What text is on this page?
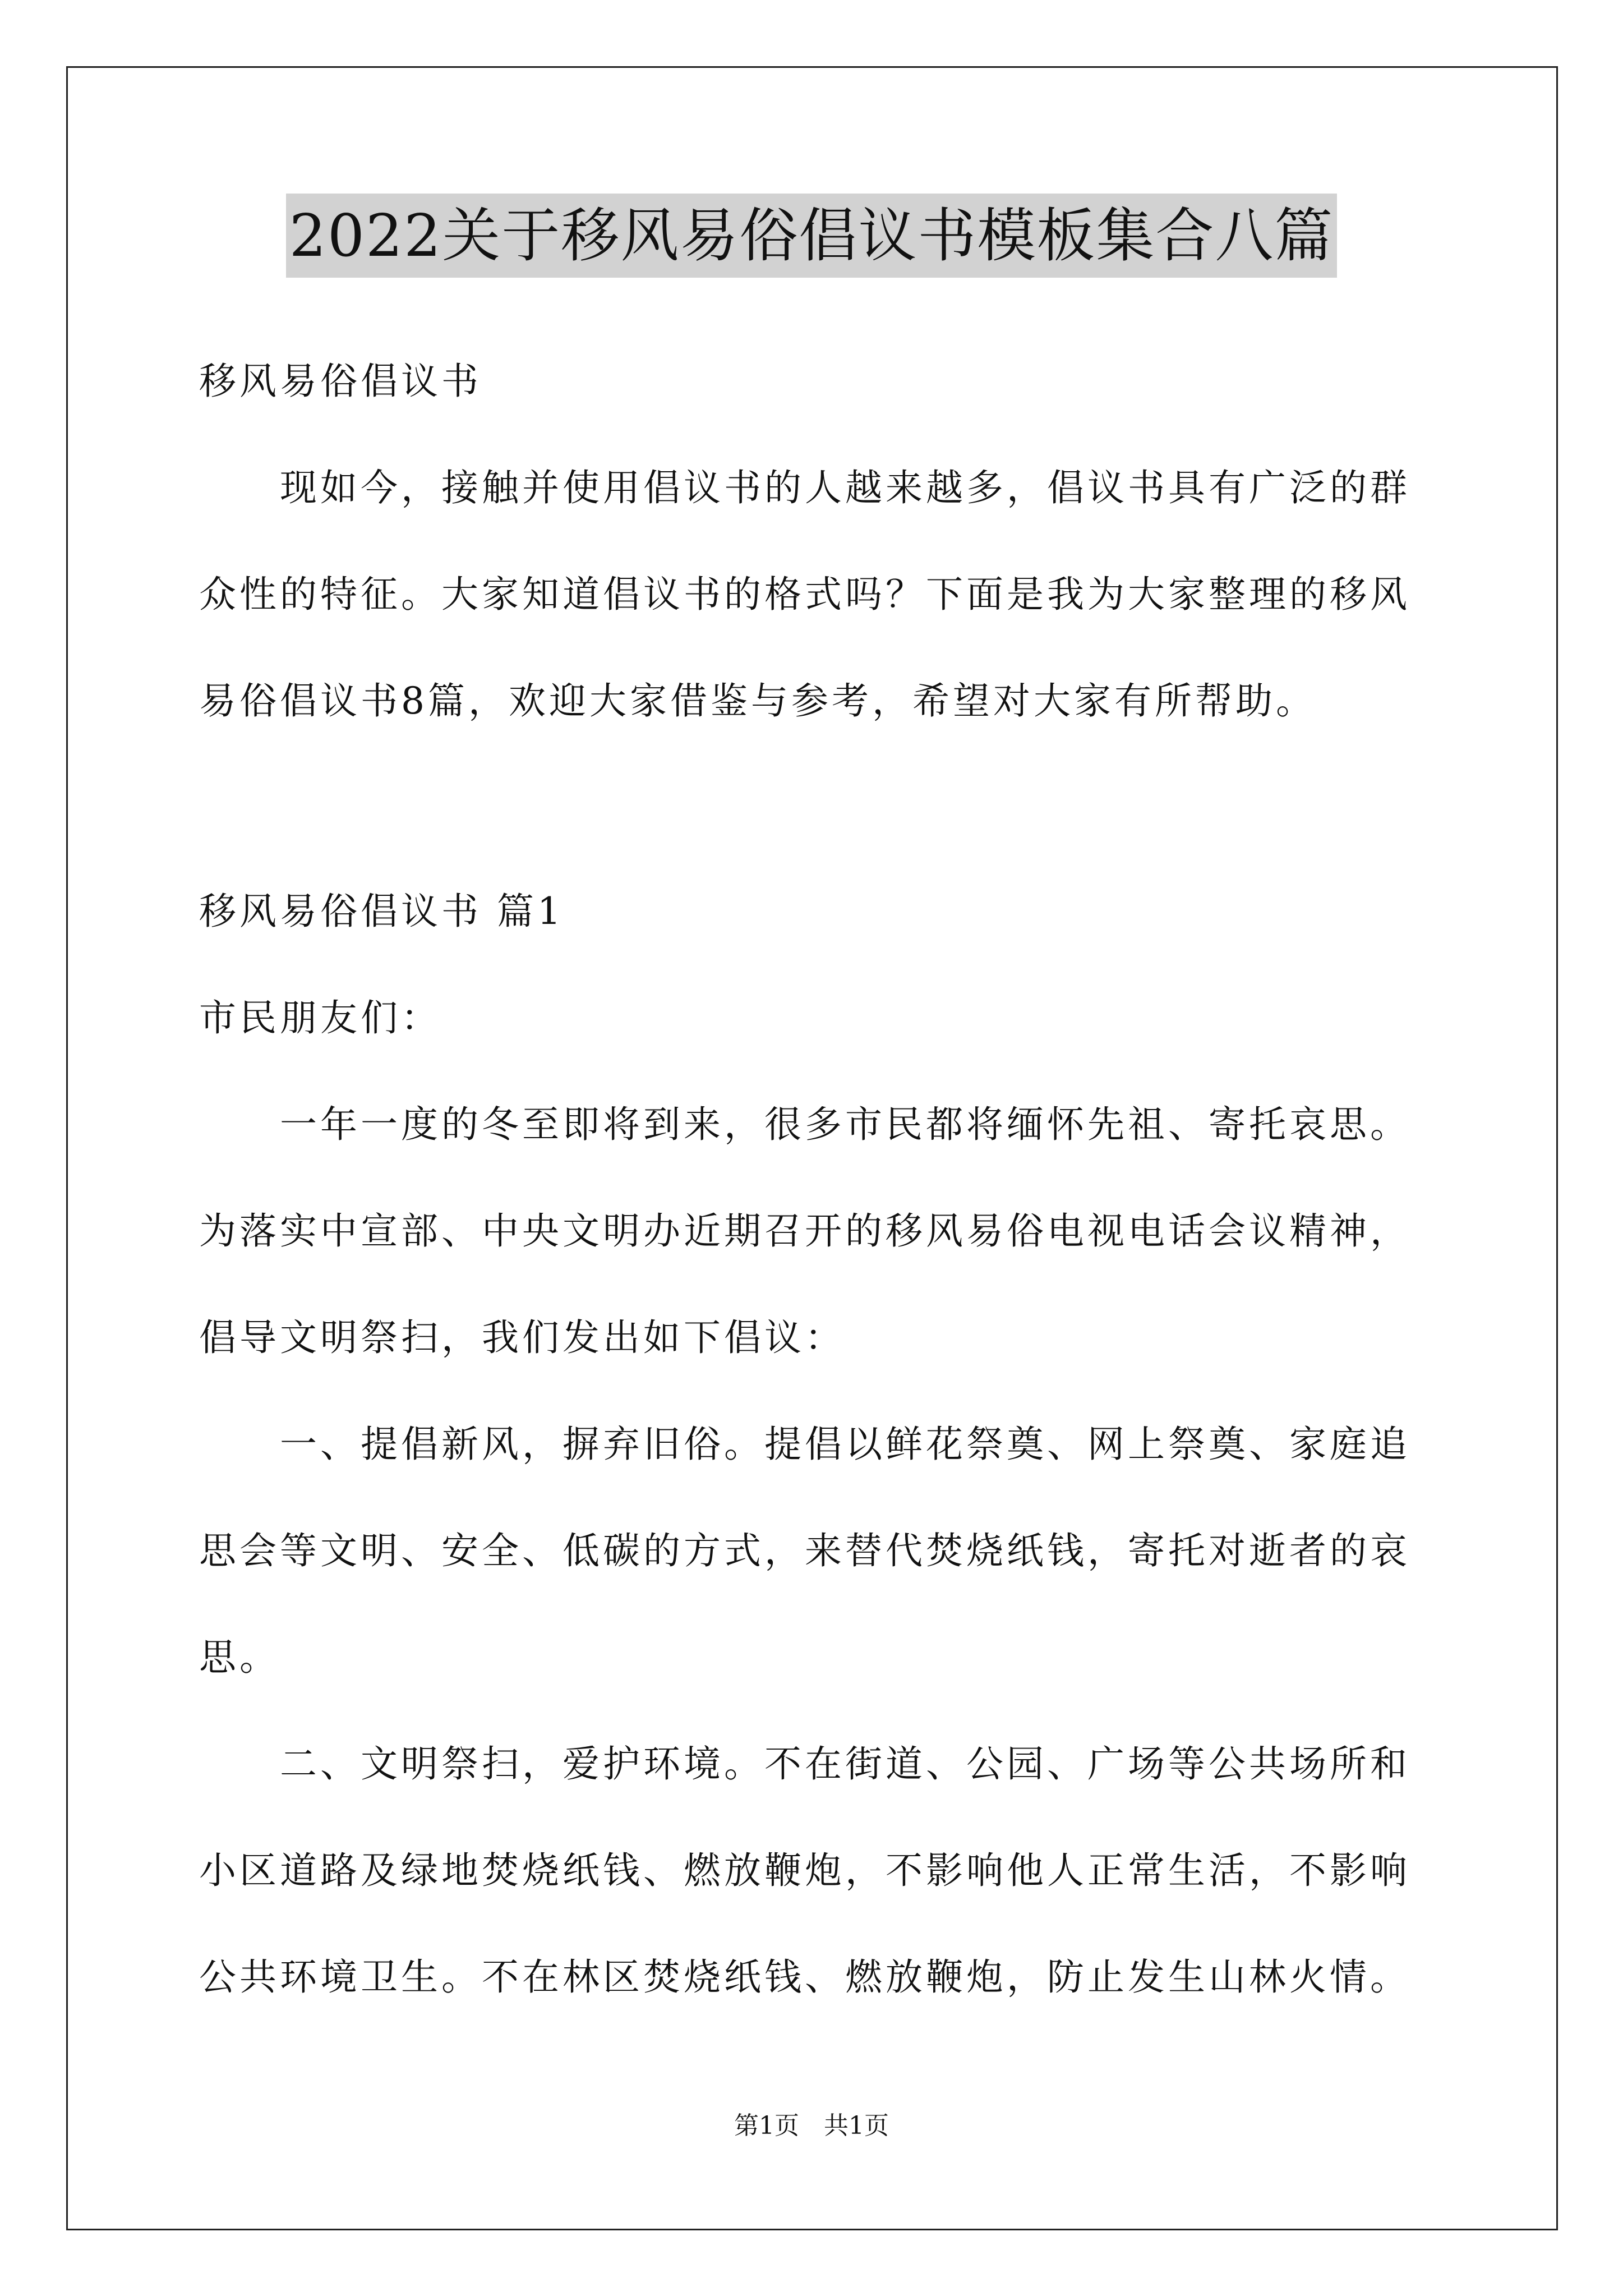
2022关于移风易俗倡议书模板集合八篇
移风易俗倡议书
　　现如今，接触并使用倡议书的人越来越多，倡议书具有广泛的群
众性的特征。大家知道倡议书的格式吗？下面是我为大家整理的移风
易俗倡议书8篇，欢迎大家借鉴与参考，希望对大家有所帮助。
移风易俗倡议书 篇1
市民朋友们：
　　一年一度的冬至即将到来，很多市民都将缅怀先祖、寄托哀思。
为落实中宣部、中央文明办近期召开的移风易俗电视电话会议精神，
倡导文明祭扫，我们发出如下倡议：
　　一、提倡新风，摒弃旧俗。提倡以鲜花祭奠、网上祭奠、家庭追
思会等文明、安全、低碳的方式，来替代焚烧纸钱，寄托对逝者的哀
思。
　　二、文明祭扫，爱护环境。不在街道、公园、广场等公共场所和
小区道路及绿地焚烧纸钱、燃放鞭炮，不影响他人正常生活，不影响
公共环境卫生。不在林区焚烧纸钱、燃放鞭炮，防止发生山林火情。
第1页　共1页
